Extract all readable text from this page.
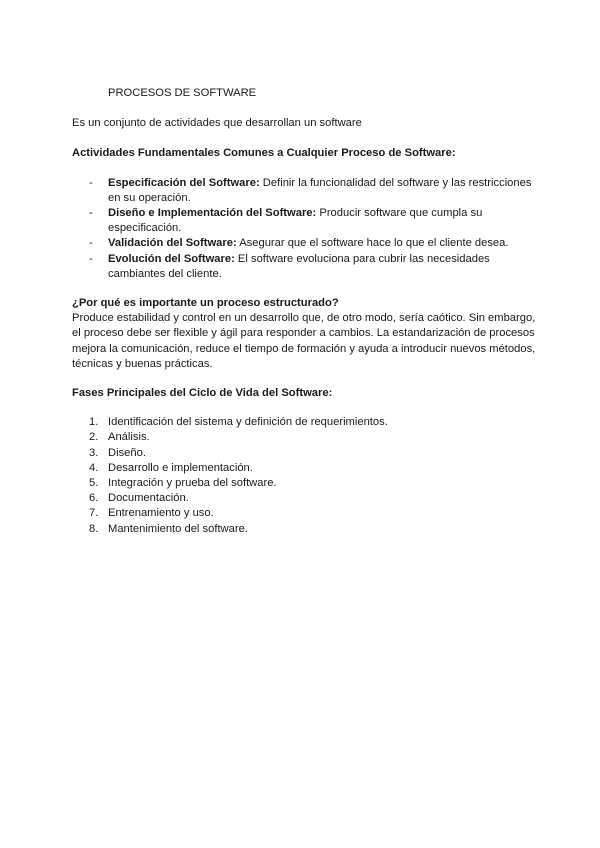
PROCESOS DE SOFTWARE

Es un conjunto de actividades que desarrollan un software

Actividades Fundamentales Comunes a Cualquier Proceso de Software:

- Especificación del Software: Definir la funcionalidad del software y las restricciones en su operación.
- Diseño e Implementación del Software: Producir software que cumpla su especificación.
- Validación del Software: Asegurar que el software hace lo que el cliente desea.
- Evolución del Software: El software evoluciona para cubrir las necesidades cambiantes del cliente.

¿Por qué es importante un proceso estructurado?
Produce estabilidad y control en un desarrollo que, de otro modo, sería caótico. Sin embargo, el proceso debe ser flexible y ágil para responder a cambios. La estandarización de procesos mejora la comunicación, reduce el tiempo de formación y ayuda a introducir nuevos métodos, técnicas y buenas prácticas.

Fases Principales del Ciclo de Vida del Software:

1. Identificación del sistema y definición de requerimientos.
2. Análisis.
3. Diseño.
4. Desarrollo e implementación.
5. Integración y prueba del software.
6. Documentación.
7. Entrenamiento y uso.
8. Mantenimiento del software.
